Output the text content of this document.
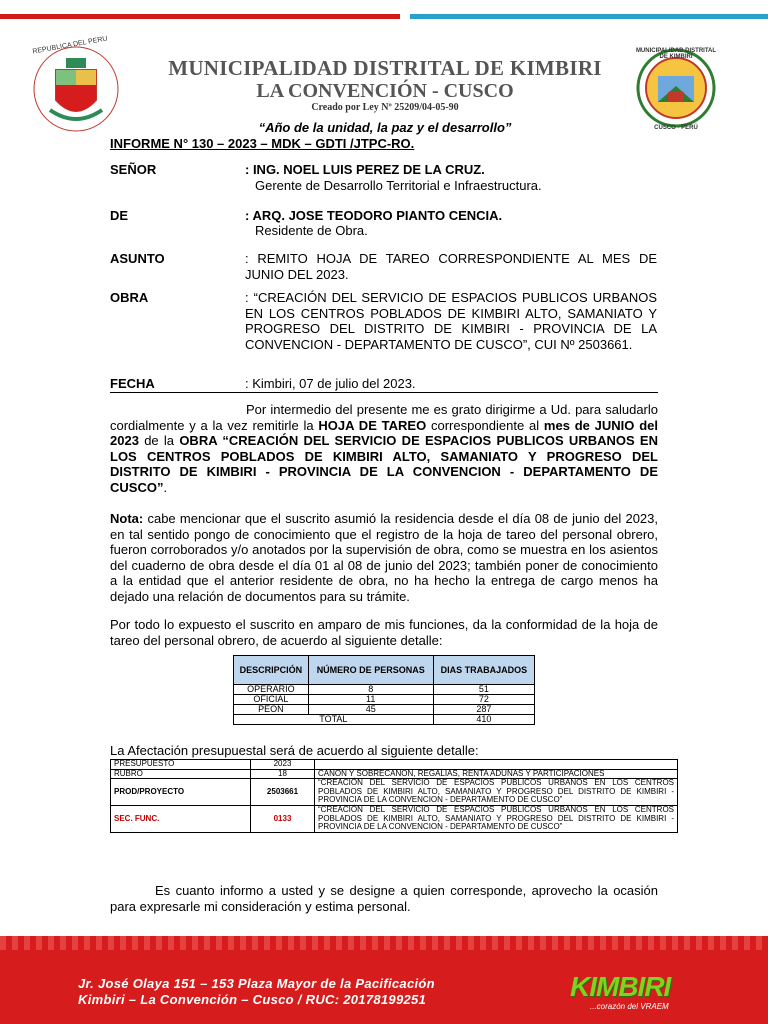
REPUBLICA DEL PERU
MUNICIPALIDAD DISTRITAL DE KIMBIRI
LA CONVENCIÓN - CUSCO
Creado por Ley Nº 25209/04-05-90
MUNICIPALIDAD DISTRITAL DE KIMBIRI
CUSCO - PERÚ
“Año de la unidad, la paz y el desarrollo”
INFORME N° 130 – 2023 – MDK – GDTI /JTPC-RO.
SEÑOR	: ING. NOEL LUIS PEREZ DE LA CRUZ.
Gerente de Desarrollo Territorial e Infraestructura.
DE	: ARQ. JOSE TEODORO PIANTO CENCIA.
Residente de Obra.
ASUNTO	: REMITO HOJA DE TAREO CORRESPONDIENTE AL MES DE JUNIO DEL 2023.
OBRA	: “CREACIÓN DEL SERVICIO DE ESPACIOS PUBLICOS URBANOS EN LOS CENTROS POBLADOS DE KIMBIRI ALTO, SAMANIATO Y PROGRESO DEL DISTRITO DE KIMBIRI - PROVINCIA DE LA CONVENCION - DEPARTAMENTO DE CUSCO”, CUI Nº 2503661.
FECHA	: Kimbiri, 07 de julio del 2023.
Por intermedio del presente me es grato dirigirme a Ud. para saludarlo cordialmente y a la vez remitirle la HOJA DE TAREO correspondiente al mes de JUNIO del 2023 de la OBRA “CREACIÓN DEL SERVICIO DE ESPACIOS PUBLICOS URBANOS EN LOS CENTROS POBLADOS DE KIMBIRI ALTO, SAMANIATO Y PROGRESO DEL DISTRITO DE KIMBIRI - PROVINCIA DE LA CONVENCION - DEPARTAMENTO DE CUSCO”.
Nota: cabe mencionar que el suscrito asumió la residencia desde el día 08 de junio del 2023, en tal sentido pongo de conocimiento que el registro de la hoja de tareo del personal obrero, fueron corroborados y/o anotados por la supervisión de obra, como se muestra en los asientos del cuaderno de obra desde el día 01 al 08 de junio del 2023; también poner de conocimiento a la entidad que el anterior residente de obra, no ha hecho la entrega de cargo menos ha dejado una relación de documentos para su trámite.
Por todo lo expuesto el suscrito en amparo de mis funciones, da la conformidad de la hoja de tareo del personal obrero, de acuerdo al siguiente detalle:
DESCRIPCIÓN	NÚMERO DE PERSONAS	DIAS TRABAJADOS
OPERARIO	8	51
OFICIAL	11	72
PEON	45	287
TOTAL		410
La Afectación presupuestal será de acuerdo al siguiente detalle:
PRESUPUESTO	2023	
RUBRO	18	CANON Y SOBRECANON, REGALIAS, RENTA ADUNAS Y PARTICIPACIONES
PROD/PROYECTO	2503661	“CREACIÓN DEL SERVICIO DE ESPACIOS PUBLICOS URBANOS EN LOS CENTROS POBLADOS DE KIMBIRI ALTO, SAMANIATO Y PROGRESO DEL DISTRITO DE KIMBIRI - PROVINCIA DE LA CONVENCION - DEPARTAMENTO DE CUSCO”
SEC. FUNC.	0133	“CREACIÓN DEL SERVICIO DE ESPACIOS PUBLICOS URBANOS EN LOS CENTROS POBLADOS DE KIMBIRI ALTO, SAMANIATO Y PROGRESO DEL DISTRITO DE KIMBIRI - PROVINCIA DE LA CONVENCION - DEPARTAMENTO DE CUSCO”
Es cuanto informo a usted y se designe a quien corresponde, aprovecho la ocasión para expresarle mi consideración y estima personal.
Jr. José Olaya 151 – 153 Plaza Mayor de la Pacificación
Kimbiri – La Convención – Cusco / RUC: 20178199251	KIMBIRI
...corazón del VRAEM
